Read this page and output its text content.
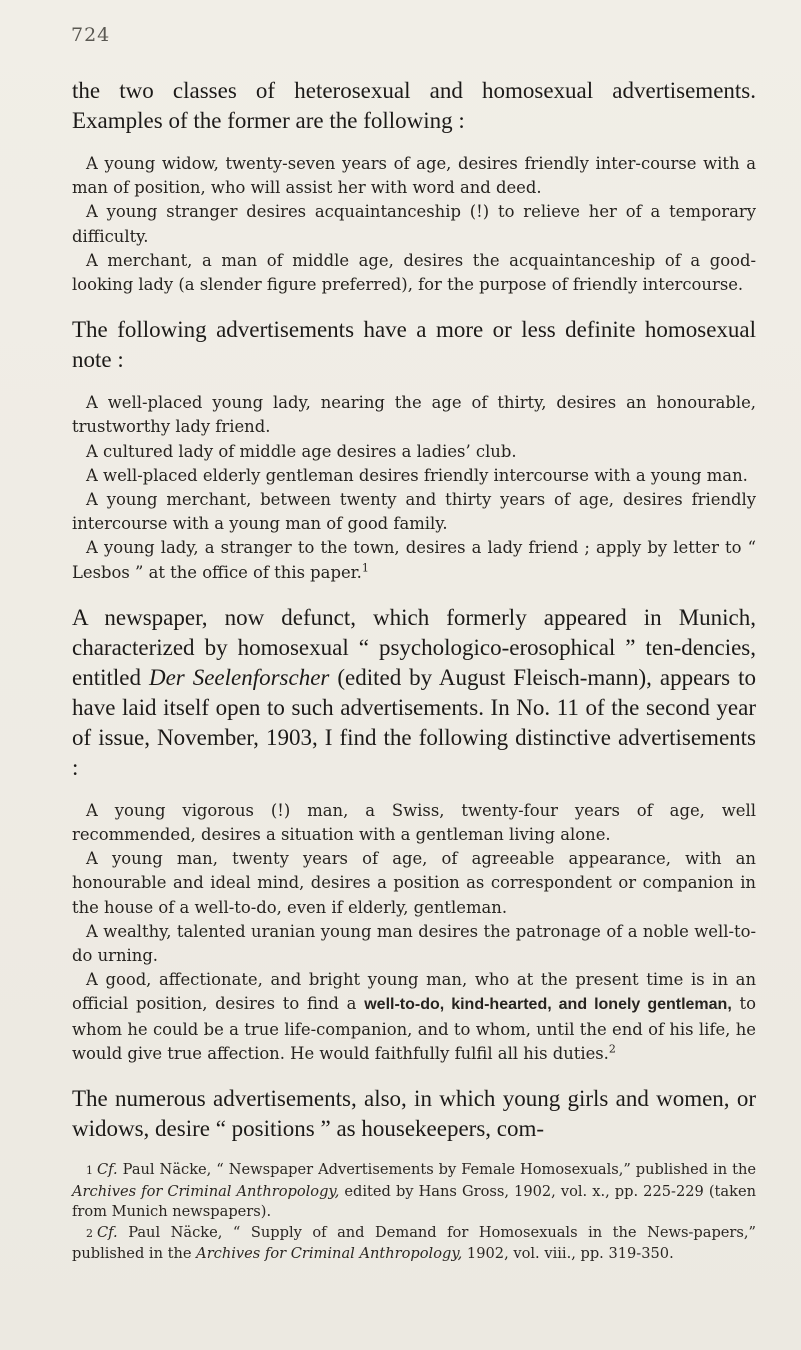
724

the two classes of heterosexual and homosexual advertisements. Examples of the former are the following :

A young widow, twenty-seven years of age, desires friendly inter-course with a man of position, who will assist her with word and deed.

A young stranger desires acquaintanceship (!) to relieve her of a temporary difficulty.

A merchant, a man of middle age, desires the acquaintanceship of a good-looking lady (a slender figure preferred), for the purpose of friendly intercourse.

The following advertisements have a more or less definite homosexual note :

A well-placed young lady, nearing the age of thirty, desires an honourable, trustworthy lady friend.

A cultured lady of middle age desires a ladies’ club.

A well-placed elderly gentleman desires friendly intercourse with a young man.

A young merchant, between twenty and thirty years of age, desires friendly intercourse with a young man of good family.

A young lady, a stranger to the town, desires a lady friend ; apply by letter to “ Lesbos ” at the office of this paper.$^1$

A newspaper, now defunct, which formerly appeared in Munich, characterized by homosexual “ psychologico-erosophical ” ten-dencies, entitled Der Seelenforscher (edited by August Fleisch-mann), appears to have laid itself open to such advertisements. In No. 11 of the second year of issue, November, 1903, I find the following distinctive advertisements :

A young vigorous (!) man, a Swiss, twenty-four years of age, well recommended, desires a situation with a gentleman living alone.

A young man, twenty years of age, of agreeable appearance, with an honourable and ideal mind, desires a position as correspondent or companion in the house of a well-to-do, even if elderly, gentleman.

A wealthy, talented uranian young man desires the patronage of a noble well-to-do urning.

A good, affectionate, and bright young man, who at the present time is in an official position, desires to find a well-to-do, kind-hearted, and lonely gentleman, to whom he could be a true life-companion, and to whom, until the end of his life, he would give true affection. He would faithfully fulfil all his duties.$^2$

The numerous advertisements, also, in which young girls and women, or widows, desire “ positions ” as housekeepers, com-

1 Cf. Paul Näcke, “ Newspaper Advertisements by Female Homosexuals,” published in the Archives for Criminal Anthropology, edited by Hans Gross, 1902, vol. x., pp. 225-229 (taken from Munich newspapers).

2 Cf. Paul Näcke, “ Supply of and Demand for Homosexuals in the News-papers,” published in the Archives for Criminal Anthropology, 1902, vol. viii., pp. 319-350.
